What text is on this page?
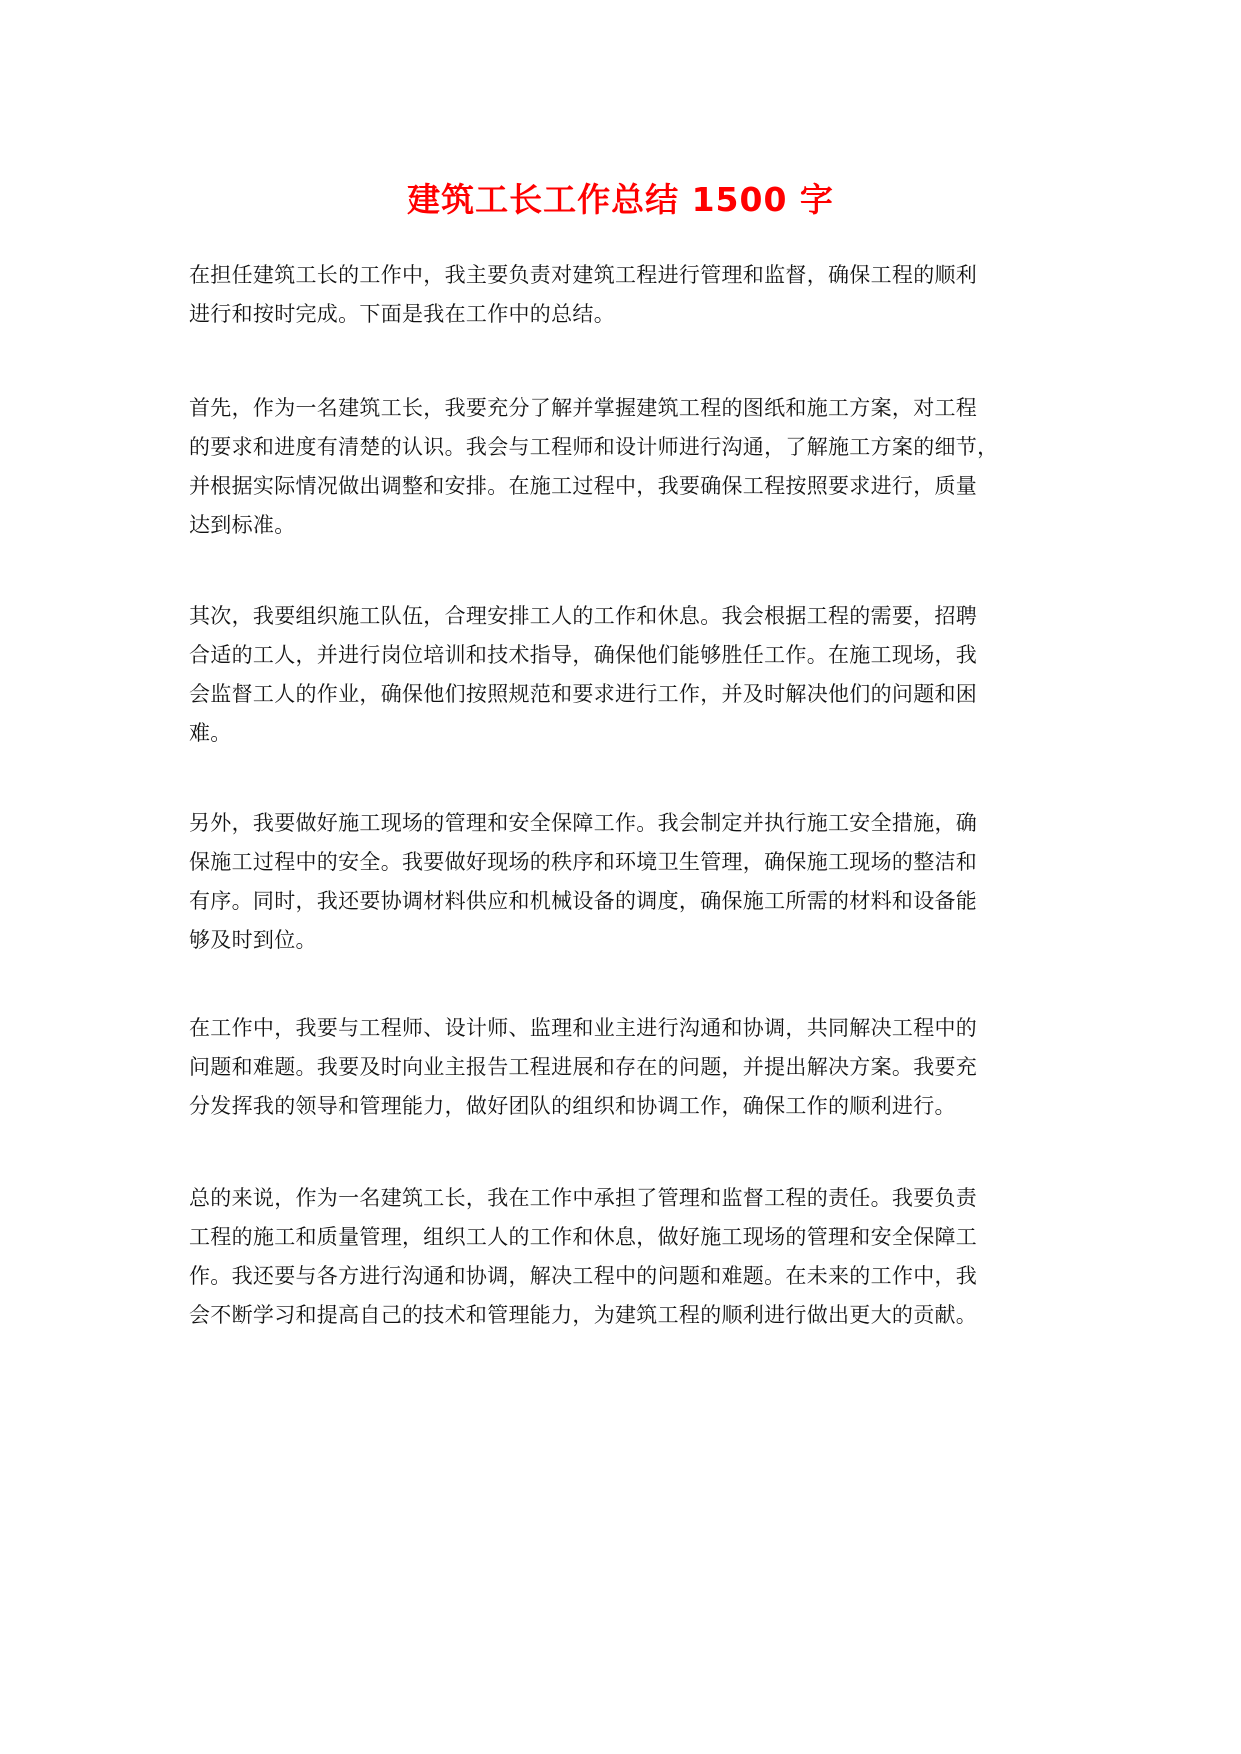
建筑工长工作总结 1500 字

在担任建筑工长的工作中，我主要负责对建筑工程进行管理和监督，确保工程的顺利
进行和按时完成。下面是我在工作中的总结。

首先，作为一名建筑工长，我要充分了解并掌握建筑工程的图纸和施工方案，对工程
的要求和进度有清楚的认识。我会与工程师和设计师进行沟通，了解施工方案的细节，
并根据实际情况做出调整和安排。在施工过程中，我要确保工程按照要求进行，质量
达到标准。

其次，我要组织施工队伍，合理安排工人的工作和休息。我会根据工程的需要，招聘
合适的工人，并进行岗位培训和技术指导，确保他们能够胜任工作。在施工现场，我
会监督工人的作业，确保他们按照规范和要求进行工作，并及时解决他们的问题和困
难。

另外，我要做好施工现场的管理和安全保障工作。我会制定并执行施工安全措施，确
保施工过程中的安全。我要做好现场的秩序和环境卫生管理，确保施工现场的整洁和
有序。同时，我还要协调材料供应和机械设备的调度，确保施工所需的材料和设备能
够及时到位。

在工作中，我要与工程师、设计师、监理和业主进行沟通和协调，共同解决工程中的
问题和难题。我要及时向业主报告工程进展和存在的问题，并提出解决方案。我要充
分发挥我的领导和管理能力，做好团队的组织和协调工作，确保工作的顺利进行。

总的来说，作为一名建筑工长，我在工作中承担了管理和监督工程的责任。我要负责
工程的施工和质量管理，组织工人的工作和休息，做好施工现场的管理和安全保障工
作。我还要与各方进行沟通和协调，解决工程中的问题和难题。在未来的工作中，我
会不断学习和提高自己的技术和管理能力，为建筑工程的顺利进行做出更大的贡献。
